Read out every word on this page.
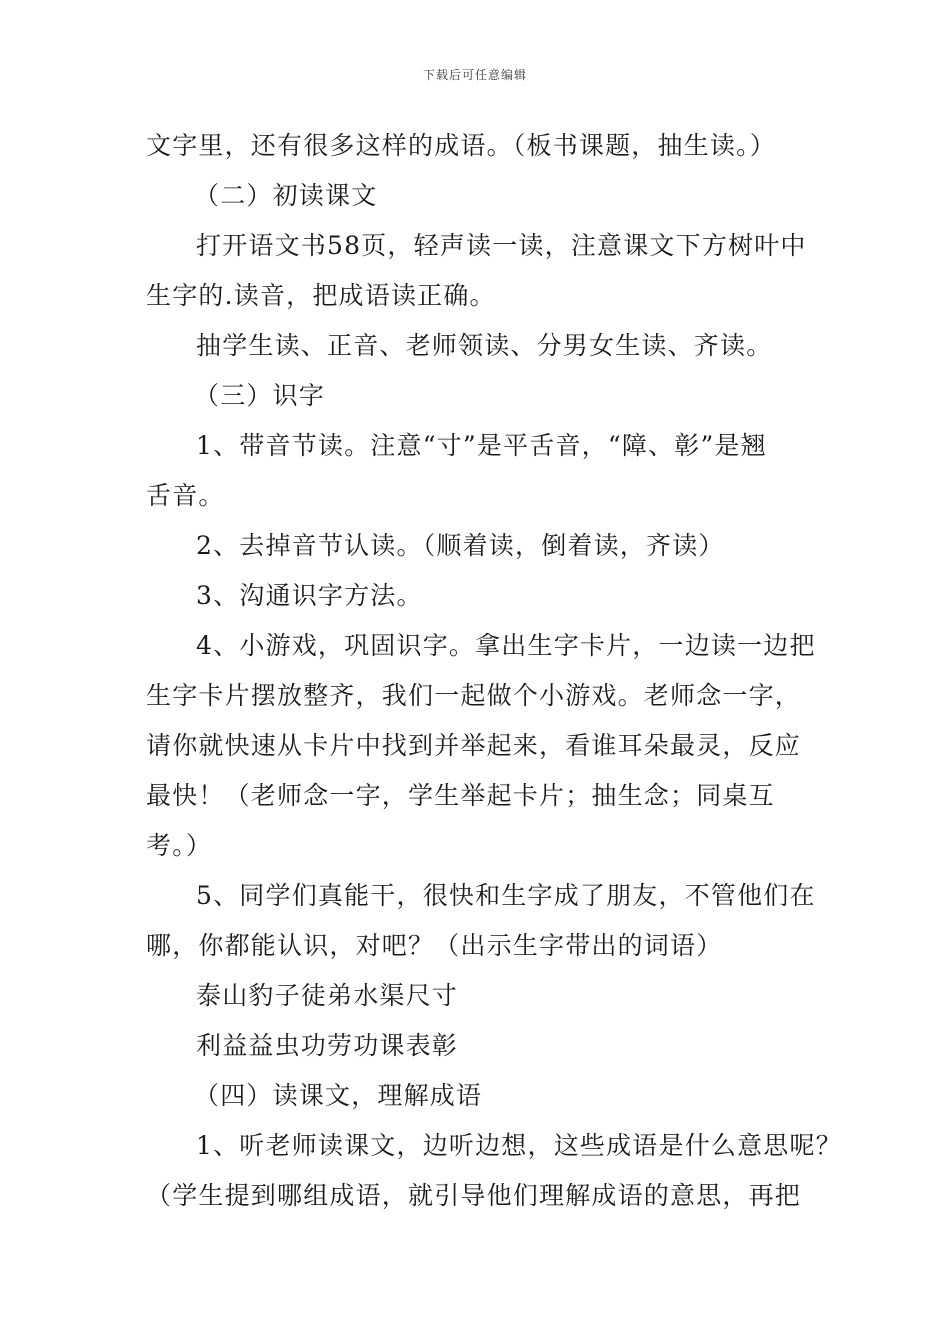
下载后可任意编辑
文字里，还有很多这样的成语。（板书课题，抽生读。）
（二）初读课文
打开语文书58页，轻声读一读，注意课文下方树叶中
生字的.读音，把成语读正确。
抽学生读、正音、老师领读、分男女生读、齐读。
（三）识字
1、带音节读。注意“寸”是平舌音，“障、彰”是翘
舌音。
2、去掉音节认读。（顺着读，倒着读，齐读）
3、沟通识字方法。
4、小游戏，巩固识字。拿出生字卡片，一边读一边把
生字卡片摆放整齐，我们一起做个小游戏。老师念一字，
请你就快速从卡片中找到并举起来，看谁耳朵最灵，反应
最快！（老师念一字，学生举起卡片；抽生念；同桌互
考。）
5、同学们真能干，很快和生字成了朋友，不管他们在
哪，你都能认识，对吧？（出示生字带出的词语）
泰山豹子徒弟水渠尺寸
利益益虫功劳功课表彰
（四）读课文，理解成语
1、听老师读课文，边听边想，这些成语是什么意思呢？
（学生提到哪组成语，就引导他们理解成语的意思，再把
